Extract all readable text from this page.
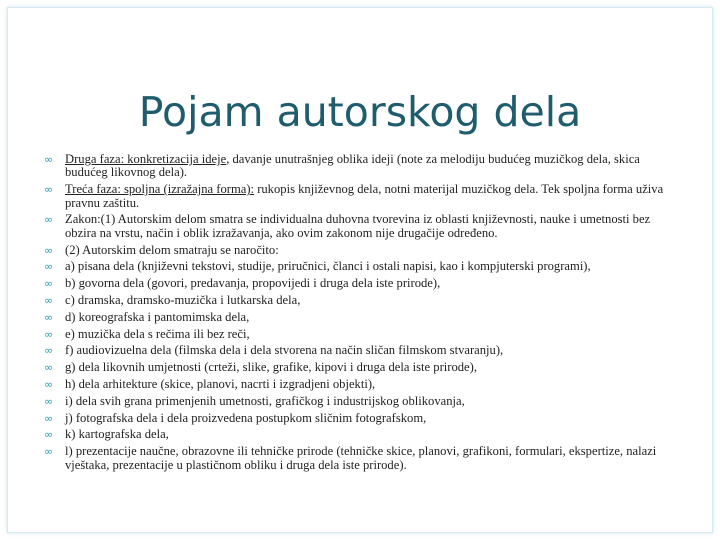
Pojam autorskog dela
∞ Druga faza: konkretizacija ideje, davanje unutrašnjeg oblika ideji (note za melodiju budućeg muzičkog dela, skica budućeg likovnog dela).
∞ Treća faza: spoljna (izražajna forma): rukopis književnog dela, notni materijal muzičkog dela. Tek spoljna forma uživa pravnu zaštitu.
∞ Zakon:(1) Autorskim delom smatra se individualna duhovna tvorevina iz oblasti književnosti, nauke i umetnosti bez obzira na vrstu, način i oblik izražavanja, ako ovim zakonom nije drugačije određeno.
∞ (2) Autorskim delom smatraju se naročito:
∞ a) pisana dela (književni tekstovi, studije, priručnici, članci i ostali napisi, kao i kompjuterski programi),
∞ b) govorna dela (govori, predavanja, propovijedi i druga dela iste prirode),
∞ c) dramska, dramsko-muzička i lutkarska dela,
∞ d) koreografska i pantomimska dela,
∞ e) muzička dela s rečima ili bez reči,
∞ f) audiovizuelna dela (filmska dela i dela stvorena na način sličan filmskom stvaranju),
∞ g) dela likovnih umjetnosti (crteži, slike, grafike, kipovi i druga dela iste prirode),
∞ h) dela arhitekture (skice, planovi, nacrti i izgradjeni objekti),
∞ i) dela svih grana primenjenih umetnosti, grafičkog i industrijskog oblikovanja,
∞ j) fotografska dela i dela proizvedena postupkom sličnim fotografskom,
∞ k) kartografska dela,
∞ l) prezentacije naučne, obrazovne ili tehničke prirode (tehničke skice, planovi, grafikoni, formulari, ekspertize, nalazi vještaka, prezentacije u plastičnom obliku i druga dela iste prirode).
